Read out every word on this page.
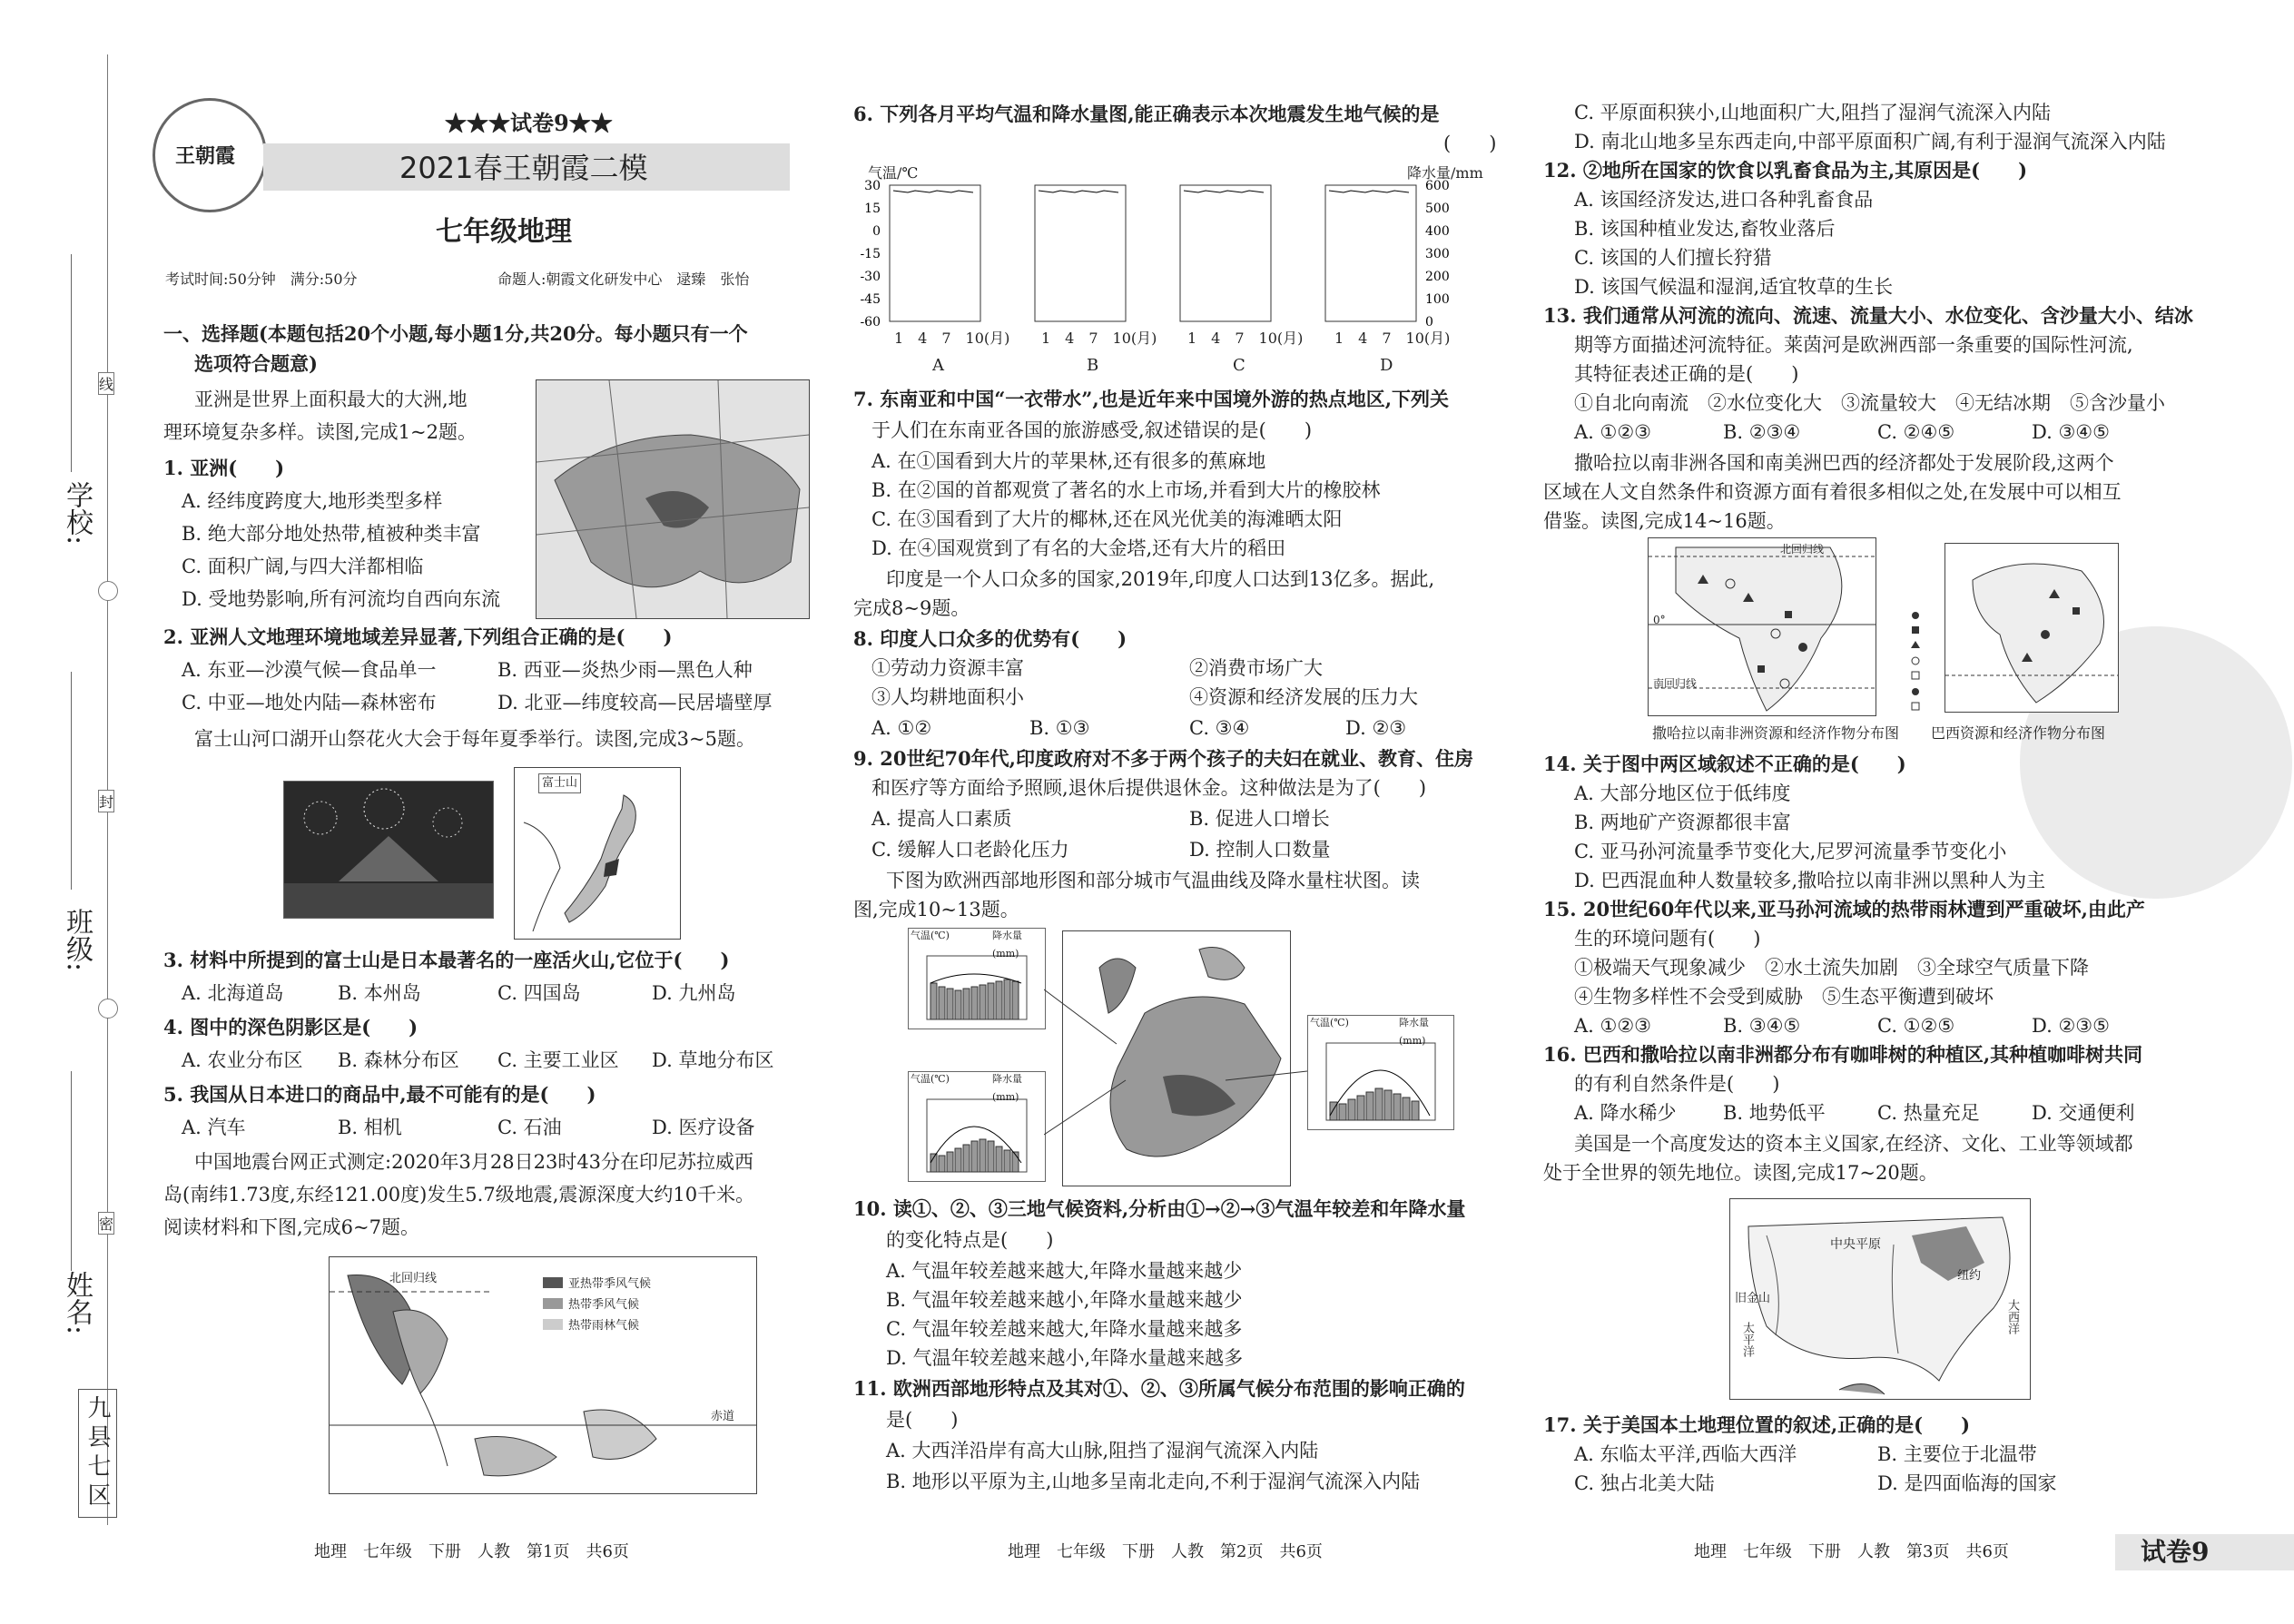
学校:
班级:
姓名:
九县七区
线
封
密
王朝霞
★★★试卷9★★
2021春王朝霞二模
七年级地理
考试时间:50分钟　满分:50分	命题人:朝霞文化研发中心　逯臻　张怡
一、选择题(本题包括20个小题,每小题1分,共20分。每小题只有一个
选项符合题意)
亚洲是世界上面积最大的大洲,地
理环境复杂多样。读图,完成1~2题。
1. 亚洲(　　)
A. 经纬度跨度大,地形类型多样
B. 绝大部分地处热带,植被种类丰富
C. 面积广阔,与四大洋都相临
D. 受地势影响,所有河流均自西向东流
2. 亚洲人文地理环境地域差异显著,下列组合正确的是(　　)
A. 东亚—沙漠气候—食品单一	B. 西亚—炎热少雨—黑色人种
C. 中亚—地处内陆—森林密布	D. 北亚—纬度较高—民居墙壁厚
富士山河口湖开山祭花火大会于每年夏季举行。读图,完成3~5题。
富士山
3. 材料中所提到的富士山是日本最著名的一座活火山,它位于(　　)
A. 北海道岛	B. 本州岛	C. 四国岛	D. 九州岛
4. 图中的深色阴影区是(　　)
A. 农业分布区 B. 森林分布区 C. 主要工业区 D. 草地分布区
5. 我国从日本进口的商品中,最不可能有的是(　　)
A. 汽车	B. 相机	C. 石油	D. 医疗设备
中国地震台网正式测定:2020年3月28日23时43分在印尼苏拉威西
岛(南纬1.73度,东经121.00度)发生5.7级地震,震源深度大约10千米。
阅读材料和下图,完成6~7题。
北回归线
赤道
亚热带季风气候
热带季风气候
热带雨林气候
地理　七年级　下册　人教　第1页　共6页
6. 下列各月平均气温和降水量图,能正确表示本次地震发生地气候的是
(　　)
30
15
0
-15
-30
-45
-60
600
500
400
300
200
100
0
气温/℃	降水量/mm
A	B	C	D
1　4　7　10(月) 1　4　7　10(月) 1　4　7　10(月) 1　4　7　10(月)
7. 东南亚和中国“一衣带水”,也是近年来中国境外游的热点地区,下列关
于人们在东南亚各国的旅游感受,叙述错误的是(　　)
A. 在①国看到大片的苹果林,还有很多的蕉麻地
B. 在②国的首都观赏了著名的水上市场,并看到大片的橡胶林
C. 在③国看到了大片的椰林,还在风光优美的海滩晒太阳
D. 在④国观赏到了有名的大金塔,还有大片的稻田
印度是一个人口众多的国家,2019年,印度人口达到13亿多。据此,
完成8~9题。
8. 印度人口众多的优势有(　　)
①劳动力资源丰富	②消费市场广大
③人均耕地面积小	④资源和经济发展的压力大
A. ①②	B. ①③	C. ③④	D. ②③
9. 20世纪70年代,印度政府对不多于两个孩子的夫妇在就业、教育、住房
和医疗等方面给予照顾,退休后提供退休金。这种做法是为了(　　)
A. 提高人口素质	B. 促进人口增长
C. 缓解人口老龄化压力	D. 控制人口数量
下图为欧洲西部地形图和部分城市气温曲线及降水量柱状图。读
图,完成10~13题。
气温(℃)	降水量(mm)
气温(℃)	降水量(mm)
气温(℃)	降水量(mm)
10. 读①、②、③三地气候资料,分析由①→②→③气温年较差和年降水量
的变化特点是(　　)
A. 气温年较差越来越大,年降水量越来越少
B. 气温年较差越来越小,年降水量越来越少
C. 气温年较差越来越大,年降水量越来越多
D. 气温年较差越来越小,年降水量越来越多
11. 欧洲西部地形特点及其对①、②、③所属气候分布范围的影响正确的
是(　　)
A. 大西洋沿岸有高大山脉,阻挡了湿润气流深入内陆
B. 地形以平原为主,山地多呈南北走向,不利于湿润气流深入内陆
地理　七年级　下册　人教　第2页　共6页
C. 平原面积狭小,山地面积广大,阻挡了湿润气流深入内陆
D. 南北山地多呈东西走向,中部平原面积广阔,有利于湿润气流深入内陆
12. ②地所在国家的饮食以乳畜食品为主,其原因是(　　)
A. 该国经济发达,进口各种乳畜食品
B. 该国种植业发达,畜牧业落后
C. 该国的人们擅长狩猎
D. 该国气候温和湿润,适宜牧草的生长
13. 我们通常从河流的流向、流速、流量大小、水位变化、含沙量大小、结冰
期等方面描述河流特征。莱茵河是欧洲西部一条重要的国际性河流,
其特征表述正确的是(　　)
①自北向南流　②水位变化大　③流量较大　④无结冰期　⑤含沙量小
A. ①②③	B. ②③④	C. ②④⑤	D. ③④⑤
撒哈拉以南非洲各国和南美洲巴西的经济都处于发展阶段,这两个
区域在人文自然条件和资源方面有着很多相似之处,在发展中可以相互
借鉴。读图,完成14~16题。
北回归线
0°
南回归线
撒哈拉以南非洲资源和经济作物分布图 巴西资源和经济作物分布图
14. 关于图中两区域叙述不正确的是(　　)
A. 大部分地区位于低纬度
B. 两地矿产资源都很丰富
C. 亚马孙河流量季节变化大,尼罗河流量季节变化小
D. 巴西混血种人数量较多,撒哈拉以南非洲以黑种人为主
15. 20世纪60年代以来,亚马孙河流域的热带雨林遭到严重破坏,由此产
生的环境问题有(　　)
①极端天气现象减少　②水土流失加剧　③全球空气质量下降
④生物多样性不会受到威胁　⑤生态平衡遭到破坏
A. ①②③	B. ③④⑤	C. ①②⑤	D. ②③⑤
16. 巴西和撒哈拉以南非洲都分布有咖啡树的种植区,其种植咖啡树共同
的有利自然条件是(　　)
A. 降水稀少 B. 地势低平	C. 热量充足	D. 交通便利
美国是一个高度发达的资本主义国家,在经济、文化、工业等领域都
处于全世界的领先地位。读图,完成17~20题。
中央平原
旧金山
太平洋
大西洋
纽约
17. 关于美国本土地理位置的叙述,正确的是(　　)
A. 东临太平洋,西临大西洋	B. 主要位于北温带
C. 独占北美大陆	D. 是四面临海的国家
地理　七年级　下册　人教　第3页　共6页	试卷9
